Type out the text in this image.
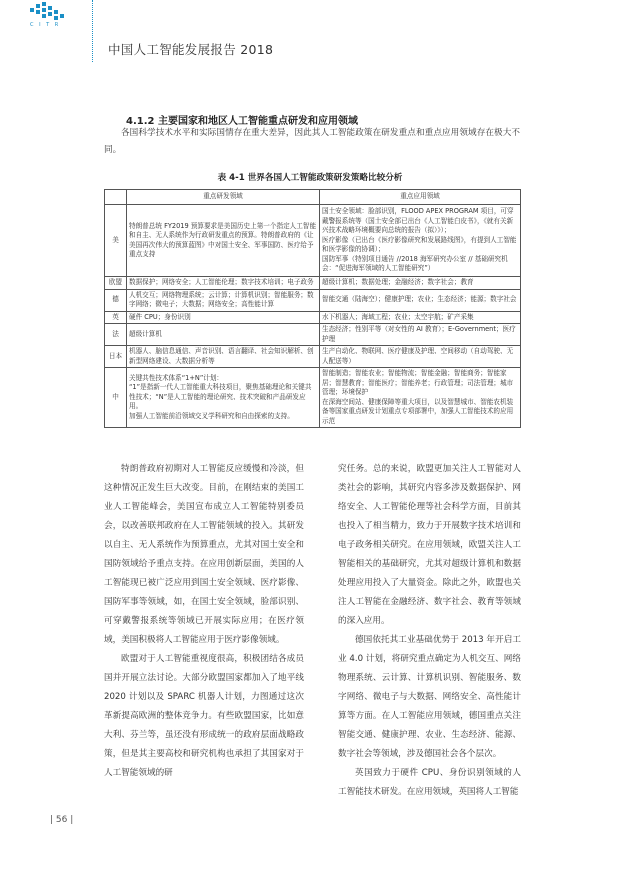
C I T R
中国人工智能发展报告 2018
4.1.2 主要国家和地区人工智能重点研发和应用领域

各国科学技术水平和实际国情存在重大差异，因此其人工智能政策在研发重点和重点应用领域存在极大不同。

表 4-1 世界各国人工智能政策研发策略比较分析
	重点研发领域	重点应用领域
美	特朗普总统 FY2019 预算要求是美国历史上第一个指定人工智能和自主、无人系统作为行政研发重点的预算。特朗普政府的《让美国再次伟大的预算蓝图》中对国土安全、军事国防、医疗给予重点支持	国土安全领域：脸部识别，FLOOD APEX PROGRAM 项目，可穿戴警报系统等（国土安全部已出台《人工智能白皮书》，《就有关新兴技术战略环境概要向总统的报告（拟）》）；
医疗影像（已出台《医疗影像研究和发展路线图》，有提到人工智能和医学影像的协调）；
国防军事（特别项目通告 //2018 海军研究办公室 // 基础研究机会：“促进海军领域的人工智能研究”）
欧盟	数据保护；网络安全；人工智能伦理；数字技术培训；电子政务	超级计算机；数据处理；金融经济；数字社会；教育
德	人机交互；网络物理系统；云计算；计算机识别；智能服务；数字网络；微电子；大数据；网络安全；高性能计算	智能交通（陆海空）；健康护理；农业；生态经济；能源；数字社会
英	硬件 CPU；身份识别	水下机器人；海域工程；农业；太空宇航；矿产采集
法	超级计算机	生态经济；性别平等（对女性的 AI 教育）；E-Government；医疗护理
日本	机器人、脑信息通信、声音识别、语言翻译、社会知识解析、创新型网络建设、大数据分析等	生产自动化、物联网、医疗健康及护理、空间移动（自动驾驶、无人配送等）
中	关键共性技术体系“1+N”计划：
“1”是指新一代人工智能重大科技项目，聚焦基础理论和关键共性技术；“N”是人工智能的理论研究、技术突破和产品研发应用。
加强人工智能前沿领域交叉学科研究和自由探索的支持。	智能制造；智能农业；智能物流；智能金融；智能商务；智能家居；智慧教育；智能医疗；智能养老；行政管理；司法管理；城市管理；环境保护
在深海空间站、健康保障等重大项目，以及智慧城市、智能农机装备等国家重点研发计划重点专项部署中，加强人工智能技术的应用示范

特朗普政府初期对人工智能反应缓慢和冷淡，但这种情况正发生巨大改变。目前，在刚结束的美国工业人工智能峰会，美国宣布成立人工智能特别委员会，以改善联邦政府在人工智能领域的投入。其研发以自主、无人系统作为预算重点，尤其对国土安全和国防领域给予重点支持。在应用创新层面，美国的人工智能现已被广泛应用到国土安全领域、医疗影像、国防军事等领域，如，在国土安全领域，脸部识别、可穿戴警报系统等领域已开展实际应用；在医疗领域，美国积极将人工智能应用于医疗影像领域。

欧盟对于人工智能重视度很高，积极团结各成员国并开展立法讨论。大部分欧盟国家都加入了地平线 2020 计划以及 SPARC 机器人计划，力图通过这次革新提高欧洲的整体竞争力。有些欧盟国家，比如意大利、芬兰等，虽还没有形成统一的政府层面战略政策，但是其主要高校和研究机构也承担了其国家对于人工智能领域的研

究任务。总的来说，欧盟更加关注人工智能对人类社会的影响，其研究内容多涉及数据保护、网络安全、人工智能伦理等社会科学方面，目前其也投入了相当精力，致力于开展数字技术培训和电子政务相关研究。在应用领域，欧盟关注人工智能相关的基础研究，尤其对超级计算机和数据处理应用投入了大量资金。除此之外，欧盟也关注人工智能在金融经济、数字社会、教育等领域的深入应用。

德国依托其工业基础优势于 2013 年开启工业 4.0 计划，将研究重点确定为人机交互、网络物理系统、云计算、计算机识别、智能服务、数字网络、微电子与大数据、网络安全、高性能计算等方面。在人工智能应用领域，德国重点关注智能交通、健康护理、农业、生态经济、能源、数字社会等领域，涉及德国社会各个层次。

英国致力于硬件 CPU、身份识别领域的人工智能技术研发。在应用领域，英国将人工智能

| 56 |
